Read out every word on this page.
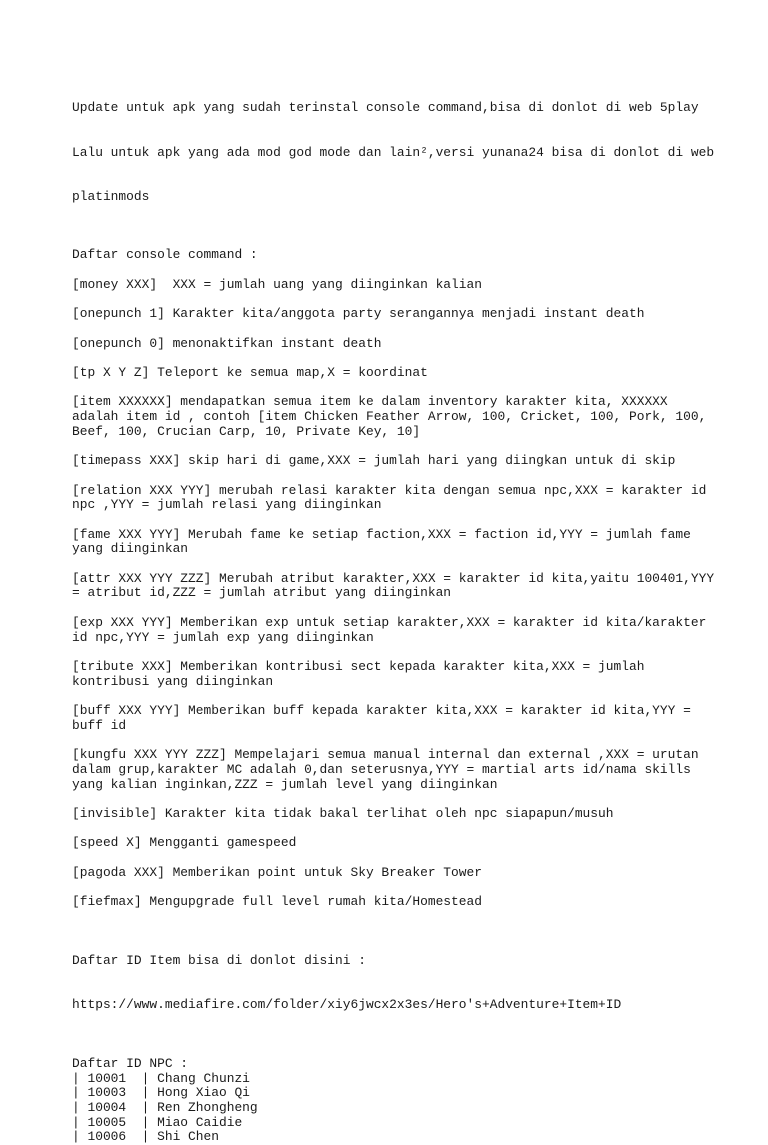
Update untuk apk yang sudah terinstal console command,bisa di donlot di web 5play

Lalu untuk apk yang ada mod god mode dan lain²,versi yunana24 bisa di donlot di web

platinmods

Daftar console command :

[money XXX]  XXX = jumlah uang yang diinginkan kalian

[onepunch 1] Karakter kita/anggota party serangannya menjadi instant death

[onepunch 0] menonaktifkan instant death

[tp X Y Z] Teleport ke semua map,X = koordinat

[item XXXXXX] mendapatkan semua item ke dalam inventory karakter kita, XXXXXX
adalah item id , contoh [item Chicken Feather Arrow, 100, Cricket, 100, Pork, 100,
Beef, 100, Crucian Carp, 10, Private Key, 10]

[timepass XXX] skip hari di game,XXX = jumlah hari yang diingkan untuk di skip

[relation XXX YYY] merubah relasi karakter kita dengan semua npc,XXX = karakter id
npc ,YYY = jumlah relasi yang diinginkan

[fame XXX YYY] Merubah fame ke setiap faction,XXX = faction id,YYY = jumlah fame
yang diinginkan

[attr XXX YYY ZZZ] Merubah atribut karakter,XXX = karakter id kita,yaitu 100401,YYY
= atribut id,ZZZ = jumlah atribut yang diinginkan

[exp XXX YYY] Memberikan exp untuk setiap karakter,XXX = karakter id kita/karakter
id npc,YYY = jumlah exp yang diinginkan

[tribute XXX] Memberikan kontribusi sect kepada karakter kita,XXX = jumlah
kontribusi yang diinginkan

[buff XXX YYY] Memberikan buff kepada karakter kita,XXX = karakter id kita,YYY =
buff id

[kungfu XXX YYY ZZZ] Mempelajari semua manual internal dan external ,XXX = urutan
dalam grup,karakter MC adalah 0,dan seterusnya,YYY = martial arts id/nama skills
yang kalian inginkan,ZZZ = jumlah level yang diinginkan

[invisible] Karakter kita tidak bakal terlihat oleh npc siapapun/musuh

[speed X] Mengganti gamespeed

[pagoda XXX] Memberikan point untuk Sky Breaker Tower

[fiefmax] Mengupgrade full level rumah kita/Homestead

Daftar ID Item bisa di donlot disini :

https://www.mediafire.com/folder/xiy6jwcx2x3es/Hero's+Adventure+Item+ID

Daftar ID NPC :
| 10001  | Chang Chunzi
| 10003  | Hong Xiao Qi
| 10004  | Ren Zhongheng
| 10005  | Miao Caidie
| 10006  | Shi Chen
